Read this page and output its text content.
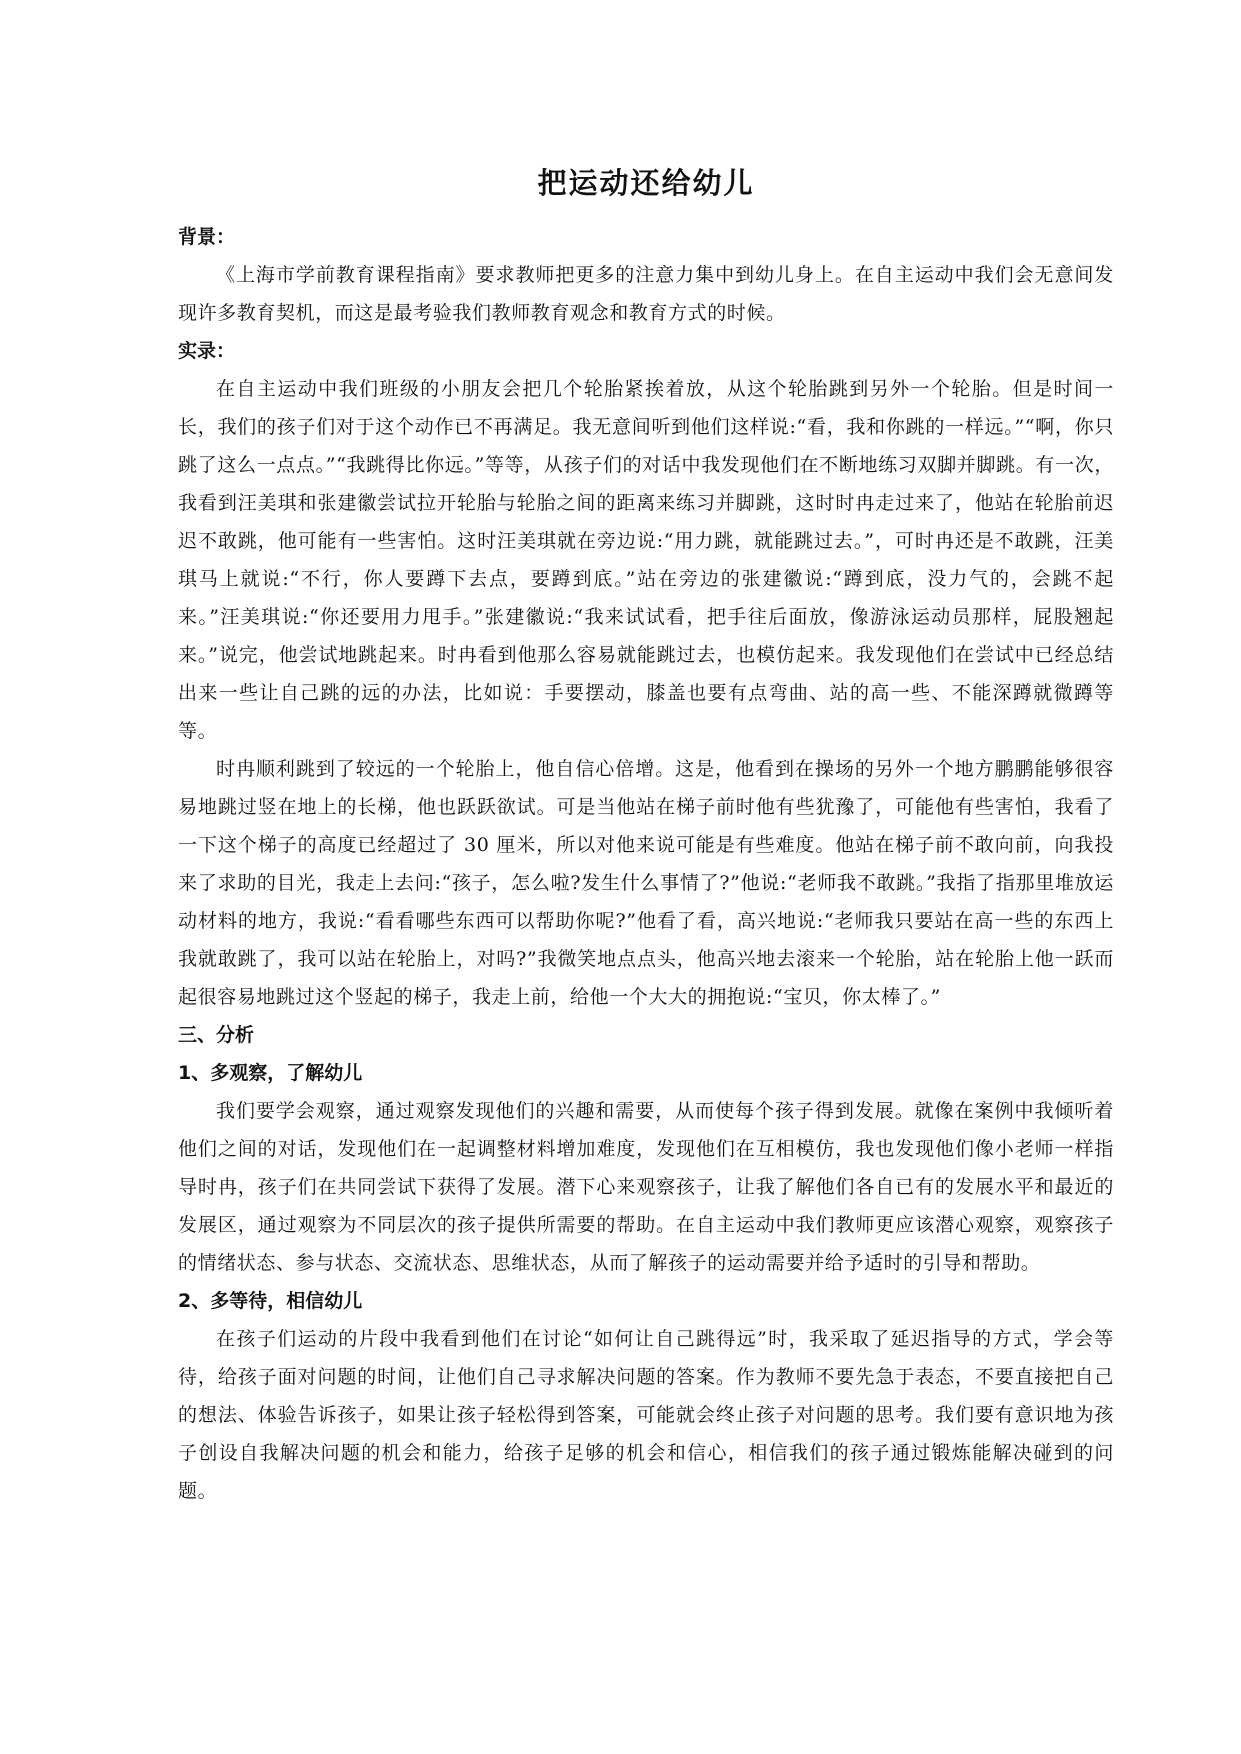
把运动还给幼儿
背景：

《上海市学前教育课程指南》要求教师把更多的注意力集中到幼儿身上。在自主运动中我们会无意间发现许多教育契机，而这是最考验我们教师教育观念和教育方式的时候。

实录：

在自主运动中我们班级的小朋友会把几个轮胎紧挨着放，从这个轮胎跳到另外一个轮胎。但是时间一长，我们的孩子们对于这个动作已不再满足。我无意间听到他们这样说:“看，我和你跳的一样远。”“啊，你只跳了这么一点点。”“我跳得比你远。”等等，从孩子们的对话中我发现他们在不断地练习双脚并脚跳。有一次，我看到汪美琪和张建徽尝试拉开轮胎与轮胎之间的距离来练习并脚跳，这时时冉走过来了，他站在轮胎前迟迟不敢跳，他可能有一些害怕。这时汪美琪就在旁边说:“用力跳，就能跳过去。”，可时冉还是不敢跳，汪美琪马上就说:“不行，你人要蹲下去点，要蹲到底。”站在旁边的张建徽说:“蹲到底，没力气的，会跳不起来。”汪美琪说:“你还要用力甩手。”张建徽说:“我来试试看，把手往后面放，像游泳运动员那样，屁股翘起来。”说完，他尝试地跳起来。时冉看到他那么容易就能跳过去，也模仿起来。我发现他们在尝试中已经总结出来一些让自己跳的远的办法，比如说：手要摆动，膝盖也要有点弯曲、站的高一些、不能深蹲就微蹲等等。

时冉顺利跳到了较远的一个轮胎上，他自信心倍增。这是，他看到在操场的另外一个地方鹏鹏能够很容易地跳过竖在地上的长梯，他也跃跃欲试。可是当他站在梯子前时他有些犹豫了，可能他有些害怕，我看了一下这个梯子的高度已经超过了 30 厘米，所以对他来说可能是有些难度。他站在梯子前不敢向前，向我投来了求助的目光，我走上去问:“孩子，怎么啦?发生什么事情了?”他说:“老师我不敢跳。”我指了指那里堆放运动材料的地方，我说:“看看哪些东西可以帮助你呢?”他看了看，高兴地说:“老师我只要站在高一些的东西上我就敢跳了，我可以站在轮胎上，对吗?”我微笑地点点头，他高兴地去滚来一个轮胎，站在轮胎上他一跃而起很容易地跳过这个竖起的梯子，我走上前，给他一个大大的拥抱说:“宝贝，你太棒了。”

三、分析
1、多观察，了解幼儿

我们要学会观察，通过观察发现他们的兴趣和需要，从而使每个孩子得到发展。就像在案例中我倾听着他们之间的对话，发现他们在一起调整材料增加难度，发现他们在互相模仿，我也发现他们像小老师一样指导时冉，孩子们在共同尝试下获得了发展。潜下心来观察孩子，让我了解他们各自已有的发展水平和最近的发展区，通过观察为不同层次的孩子提供所需要的帮助。在自主运动中我们教师更应该潜心观察，观察孩子的情绪状态、参与状态、交流状态、思维状态，从而了解孩子的运动需要并给予适时的引导和帮助。

2、多等待，相信幼儿

在孩子们运动的片段中我看到他们在讨论“如何让自己跳得远”时，我采取了延迟指导的方式，学会等待，给孩子面对问题的时间，让他们自己寻求解决问题的答案。作为教师不要先急于表态，不要直接把自己的想法、体验告诉孩子，如果让孩子轻松得到答案，可能就会终止孩子对问题的思考。我们要有意识地为孩子创设自我解决问题的机会和能力，给孩子足够的机会和信心，相信我们的孩子通过锻炼能解决碰到的问题。
